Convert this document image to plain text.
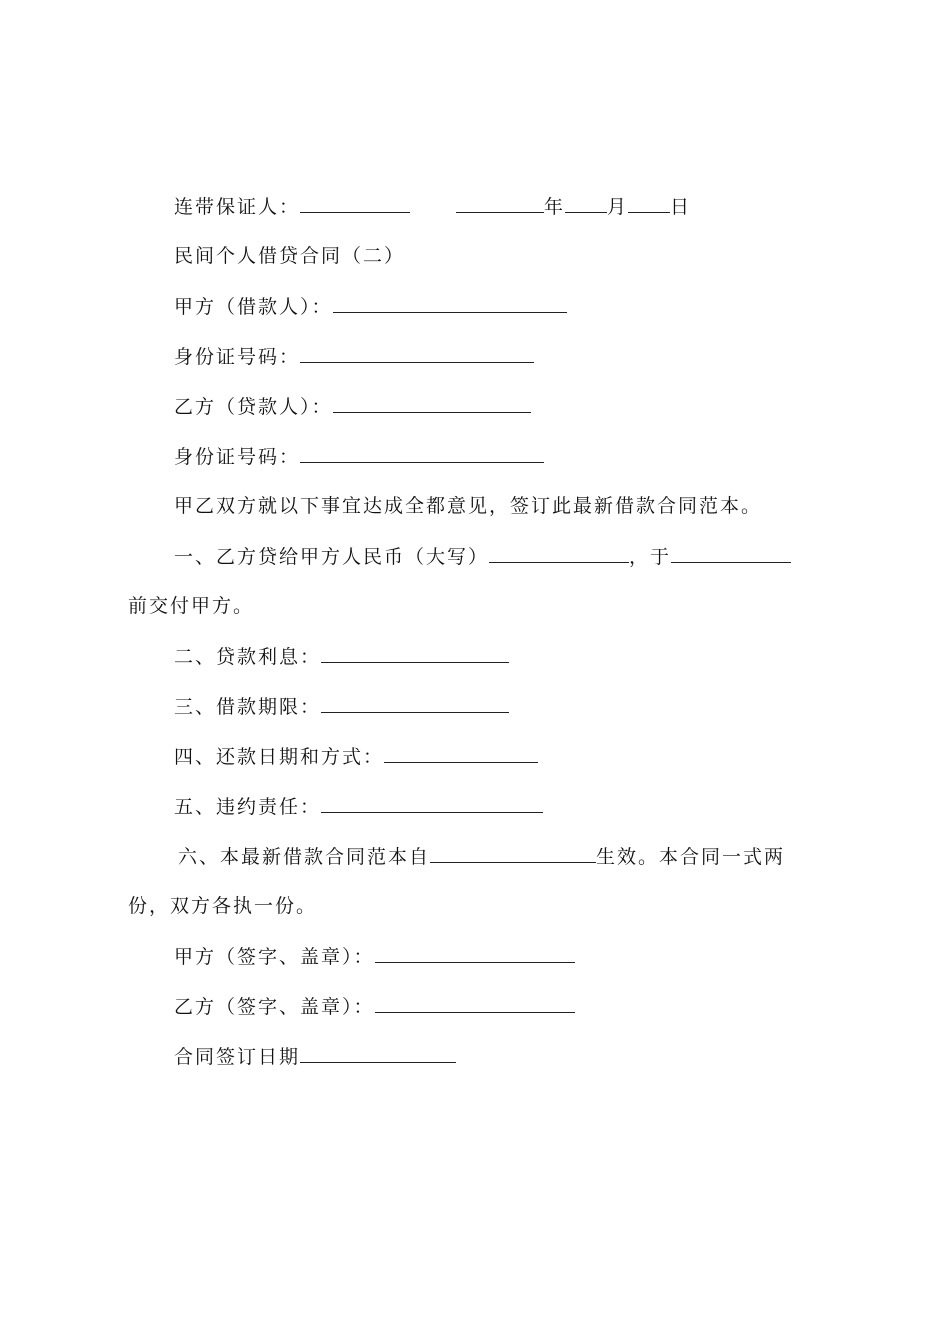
连带保证人：	年 月 日
民间个人借贷合同（二）
甲方（借款人）：
身份证号码：
乙方（贷款人）：
身份证号码：
甲乙双方就以下事宜达成全都意见，签订此最新借款合同范本。
一、乙方贷给甲方人民币（大写）	，于
前交付甲方。
二、贷款利息：
三、借款期限：
四、还款日期和方式：
五、违约责任：
六、本最新借款合同范本自	生效。本合同一式两
份，双方各执一份。
甲方（签字、盖章）：
乙方（签字、盖章）：
合同签订日期
